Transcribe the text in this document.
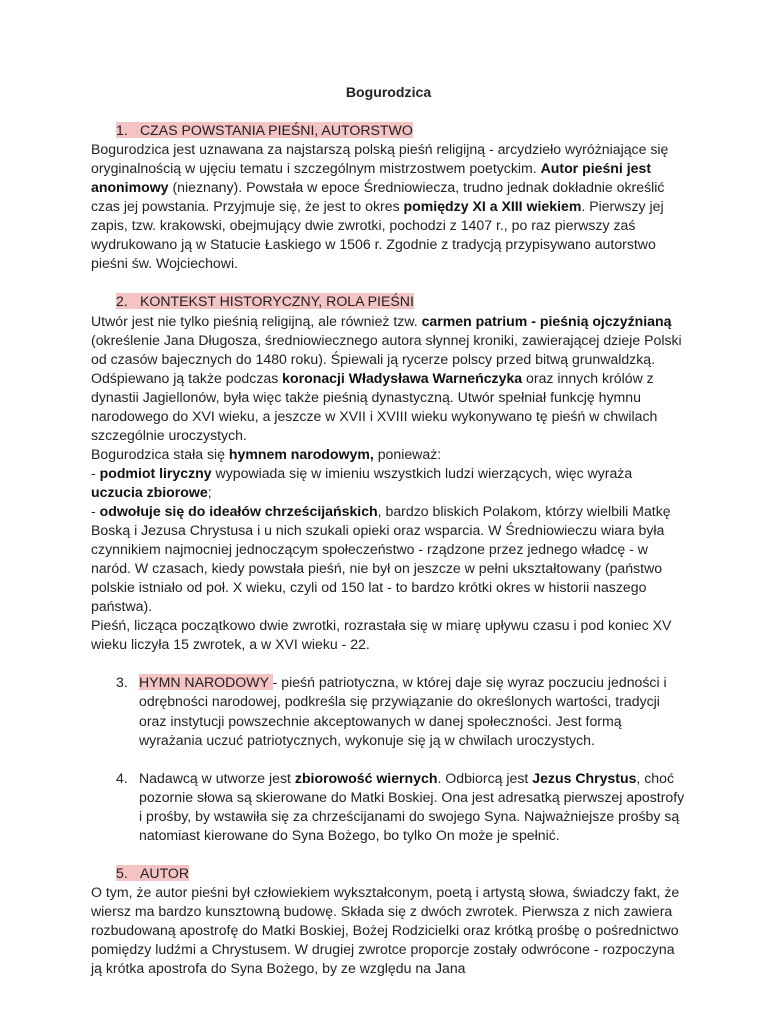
Bogurodzica
1. CZAS POWSTANIA PIEŚNI, AUTORSTWO

Bogurodzica jest uznawana za najstarszą polską pieśń religijną - arcydzieło wyróżniające się oryginalnością w ujęciu tematu i szczególnym mistrzostwem poetyckim. Autor pieśni jest anonimowy (nieznany). Powstała w epoce Średniowiecza, trudno jednak dokładnie określić czas jej powstania. Przyjmuje się, że jest to okres pomiędzy XI a XIII wiekiem. Pierwszy jej zapis, tzw. krakowski, obejmujący dwie zwrotki, pochodzi z 1407 r., po raz pierwszy zaś wydrukowano ją w Statucie Łaskiego w 1506 r. Zgodnie z tradycją przypisywano autorstwo pieśni św. Wojciechowi.

2. KONTEKST HISTORYCZNY, ROLA PIEŚNI

Utwór jest nie tylko pieśnią religijną, ale również tzw. carmen patrium - pieśnią ojczyźnianą (określenie Jana Długosza, średniowiecznego autora słynnej kroniki, zawierającej dzieje Polski od czasów bajecznych do 1480 roku). Śpiewali ją rycerze polscy przed bitwą grunwaldzką. Odśpiewano ją także podczas koronacji Władysława Warneńczyka oraz innych królów z dynastii Jagiellonów, była więc także pieśnią dynastyczną. Utwór spełniał funkcję hymnu narodowego do XVI wieku, a jeszcze w XVII i XVIII wieku wykonywano tę pieśń w chwilach szczególnie uroczystych.

Bogurodzica stała się hymnem narodowym, ponieważ:

- podmiot liryczny wypowiada się w imieniu wszystkich ludzi wierzących, więc wyraża uczucia zbiorowe;

- odwołuje się do ideałów chrześcijańskich, bardzo bliskich Polakom, którzy wielbili Matkę Boską i Jezusa Chrystusa i u nich szukali opieki oraz wsparcia. W Średniowieczu wiara była czynnikiem najmocniej jednoczącym społeczeństwo - rządzone przez jednego władcę - w naród. W czasach, kiedy powstała pieśń, nie był on jeszcze w pełni ukształtowany (państwo polskie istniało od poł. X wieku, czyli od 150 lat - to bardzo krótki okres w historii naszego państwa).

Pieśń, licząca początkowo dwie zwrotki, rozrastała się w miarę upływu czasu i pod koniec XV wieku liczyła 15 zwrotek, a w XVI wieku - 22.

3. HYMN NARODOWY - pieśń patriotyczna, w której daje się wyraz poczuciu jedności i odrębności narodowej, podkreśla się przywiązanie do określonych wartości, tradycji oraz instytucji powszechnie akceptowanych w danej społeczności. Jest formą wyrażania uczuć patriotycznych, wykonuje się ją w chwilach uroczystych.

4. Nadawcą w utworze jest zbiorowość wiernych. Odbiorcą jest Jezus Chrystus, choć pozornie słowa są skierowane do Matki Boskiej. Ona jest adresatką pierwszej apostrofy i prośby, by wstawiła się za chrześcijanami do swojego Syna. Najważniejsze prośby są natomiast kierowane do Syna Bożego, bo tylko On może je spełnić.

5. AUTOR

O tym, że autor pieśni był człowiekiem wykształconym, poetą i artystą słowa, świadczy fakt, że wiersz ma bardzo kunsztowną budowę. Składa się z dwóch zwrotek. Pierwsza z nich zawiera rozbudowaną apostrofę do Matki Boskiej, Bożej Rodzicielki oraz krótką prośbę o pośrednictwo pomiędzy ludźmi a Chrystusem. W drugiej zwrotce proporcje zostały odwrócone - rozpoczyna ją krótka apostrofa do Syna Bożego, by ze względu na Jana
